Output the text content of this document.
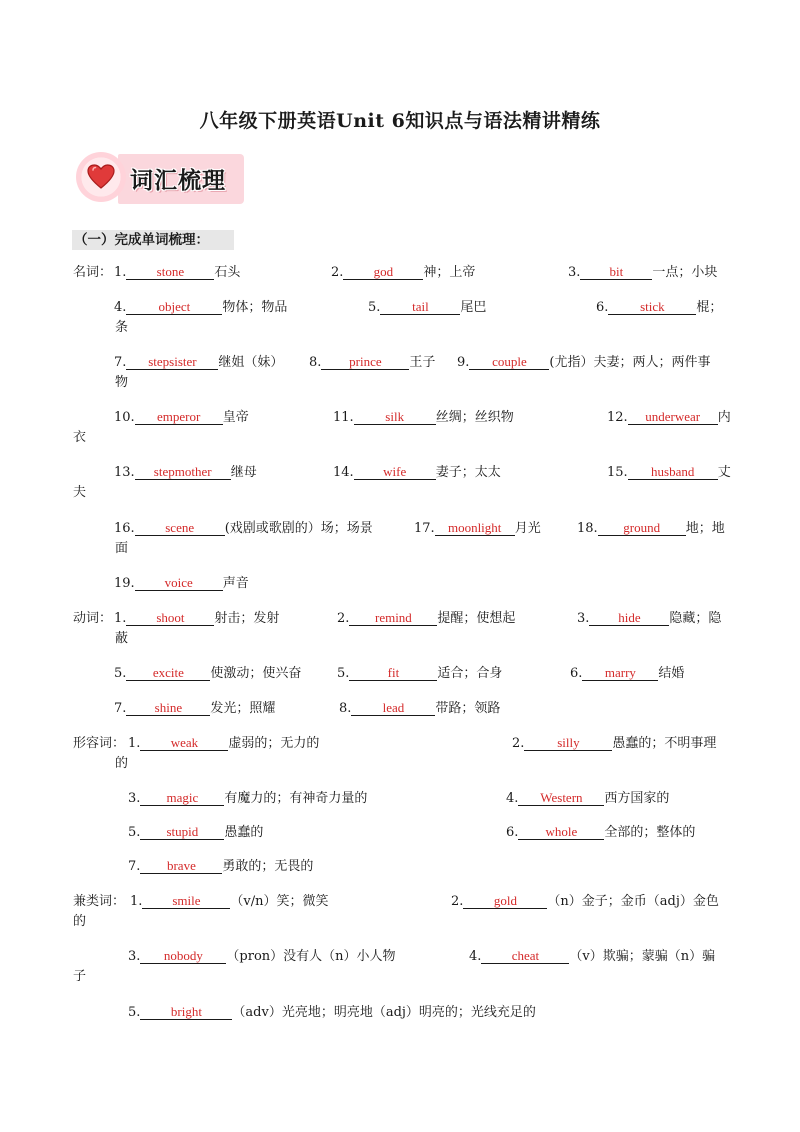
八年级下册英语Unit 6知识点与语法精讲精练
词汇梳理
（一）完成单词梳理：
名词： 1. stone 石头	2. god 神；上帝	3. bit 一点；小块
4. object 物体；物品	5. tail 尾巴	6. stick 棍；
条
7. stepsister 继姐（妹） 8. prince 王子 9. couple (尤指）夫妻；两人；两件事
物
10. emperor 皇帝	11. silk 丝绸；丝织物	12. underwear 内
衣
13. stepmother 继母	14. wife 妻子；太太	15. husband 丈
夫
16. scene (戏剧或歌剧的）场；场景	17. moonlight 月光	18. ground 地；地
面
19. voice 声音
动词： 1. shoot 射击；发射	2. remind 提醒；使想起	3. hide 隐藏；隐
蔽
5. excite 使激动；使兴奋	5.	fit	适合；合身	6. marry 结婚
7. shine 发光；照耀	8. lead 带路；领路
形容词： 1. weak 虚弱的；无力的	2.	silly	愚蠢的；不明事理
的
3. magic 有魔力的；有神奇力量的	4. Western 西方国家的
5. stupid 愚蠢的	6. whole 全部的；整体的
7. brave 勇敢的；无畏的
兼类词： 1. smile （v/n）笑；微笑	2. gold （n）金子；金币（adj）金色
的
3. nobody （pron）没有人（n）小人物	4. cheat （v）欺骗；蒙骗（n）骗
子
5. bright （adv）光亮地；明亮地（adj）明亮的；光线充足的
